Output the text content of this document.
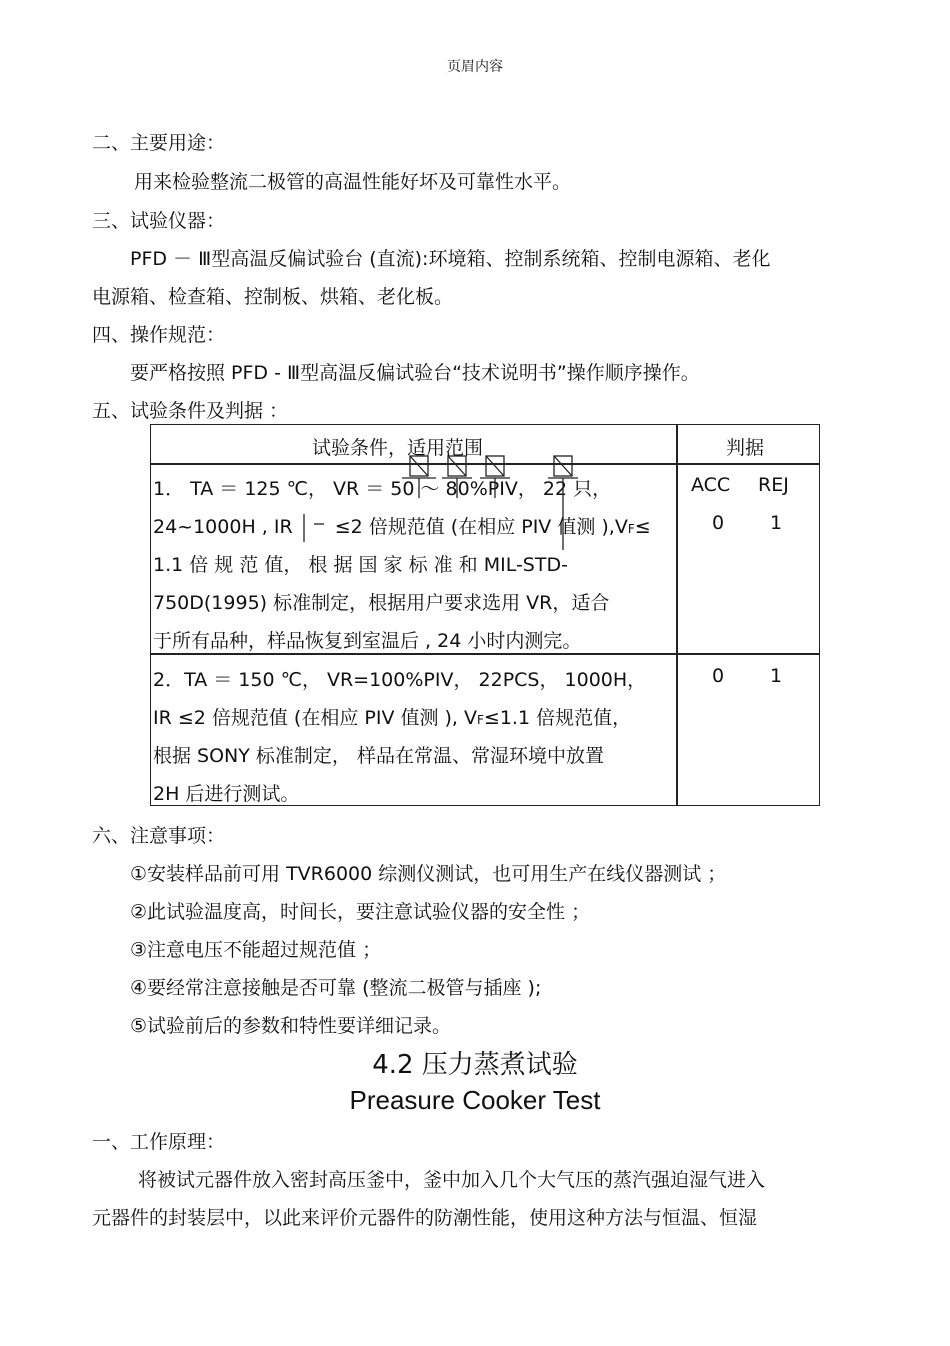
页眉内容
二、主要用途：
用来检验整流二极管的高温性能好坏及可靠性水平。
三、试验仪器：
PFD － Ⅲ型高温反偏试验台 (直流):环境箱、控制系统箱、控制电源箱、老化
电源箱、检查箱、控制板、烘箱、老化板。
四、操作规范：
要严格按照 PFD - Ⅲ型高温反偏试验台“技术说明书”操作顺序操作。
五、试验条件及判据 ：
试验条件，适用范围	判据
1． TA ＝ 125 ℃， VR ＝ 50 ～ 80%PIV， 22 只，
24~1000H , IR ≤2 倍规范值 (在相应 PIV 值测 ),VF≤
1.1 倍 规 范 值， 根 据 国 家 标 准 和 MIL-STD-
750D(1995) 标准制定，根据用户要求选用 VR，适合
于所有品种，样品恢复到室温后 , 24 小时内测完。
ACC REJ
0 1
2．TA ＝ 150 ℃， VR=100%PIV， 22PCS， 1000H，
IR ≤2 倍规范值 (在相应 PIV 值测 ), VF≤1.1 倍规范值，
根据 SONY 标准制定， 样品在常温、常湿环境中放置
2H 后进行测试。
0 1
六、注意事项：
①安装样品前可用 TVR6000 综测仪测试，也可用生产在线仪器测试 ；
②此试验温度高，时间长，要注意试验仪器的安全性 ；
③注意电压不能超过规范值 ；
④要经常注意接触是否可靠 (整流二极管与插座 );
⑤试验前后的参数和特性要详细记录。
4.2 压力蒸煮试验
Preasure Cooker Test
一、工作原理：
将被试元器件放入密封高压釜中，釜中加入几个大气压的蒸汽强迫湿气进入
元器件的封装层中，以此来评价元器件的防潮性能，使用这种方法与恒温、恒湿
